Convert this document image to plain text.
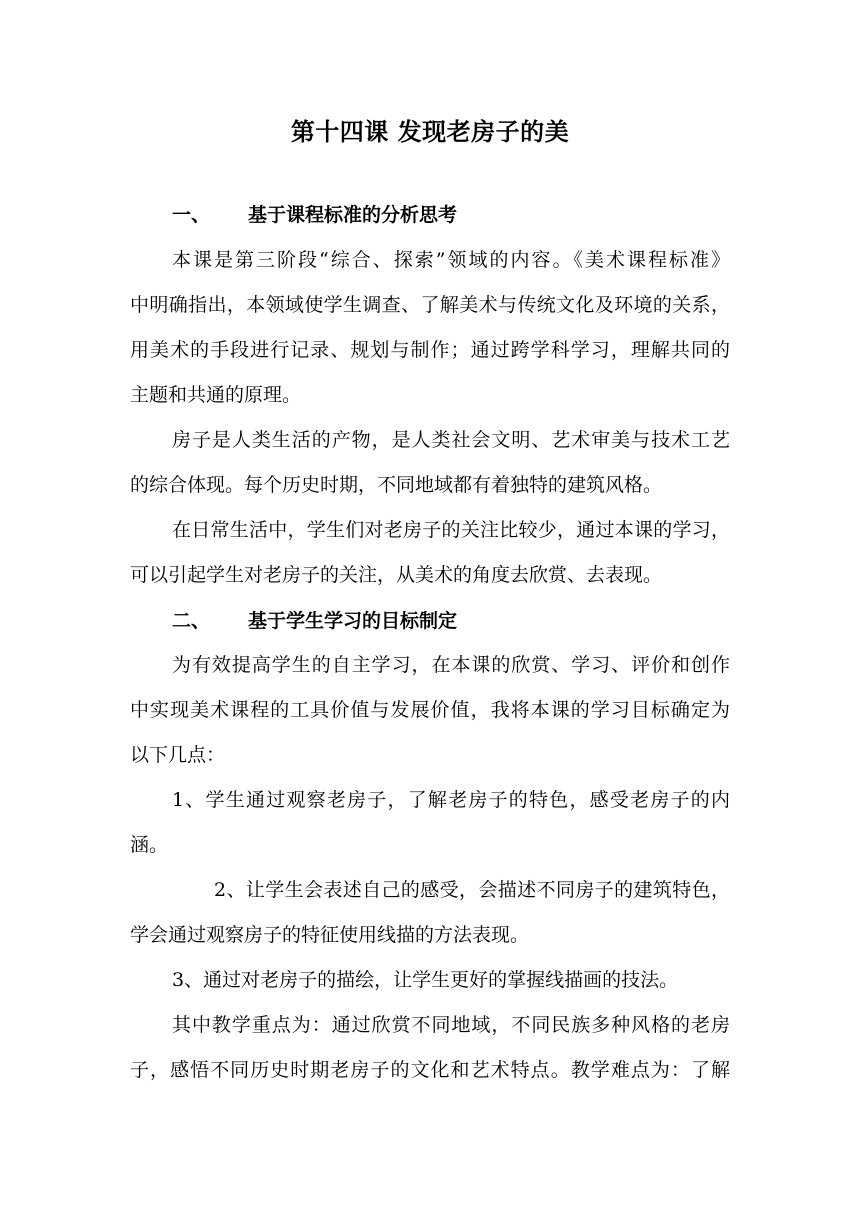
第十四课 发现老房子的美
一、 基于课程标准的分析思考
本课是第三阶段“综合、探索”领域的内容。《美术课程标准》
中明确指出，本领域使学生调查、了解美术与传统文化及环境的关系，
用美术的手段进行记录、规划与制作；通过跨学科学习，理解共同的
主题和共通的原理。
房子是人类生活的产物，是人类社会文明、艺术审美与技术工艺
的综合体现。每个历史时期，不同地域都有着独特的建筑风格。
在日常生活中，学生们对老房子的关注比较少，通过本课的学习，
可以引起学生对老房子的关注，从美术的角度去欣赏、去表现。
二、 基于学生学习的目标制定
为有效提高学生的自主学习，在本课的欣赏、学习、评价和创作
中实现美术课程的工具价值与发展价值，我将本课的学习目标确定为
以下几点：
1、学生通过观察老房子，了解老房子的特色，感受老房子的内
涵。
2、让学生会表述自己的感受，会描述不同房子的建筑特色，
学会通过观察房子的特征使用线描的方法表现。
3、通过对老房子的描绘，让学生更好的掌握线描画的技法。
其中教学重点为：通过欣赏不同地域，不同民族多种风格的老房
子，感悟不同历史时期老房子的文化和艺术特点。教学难点为：了解
